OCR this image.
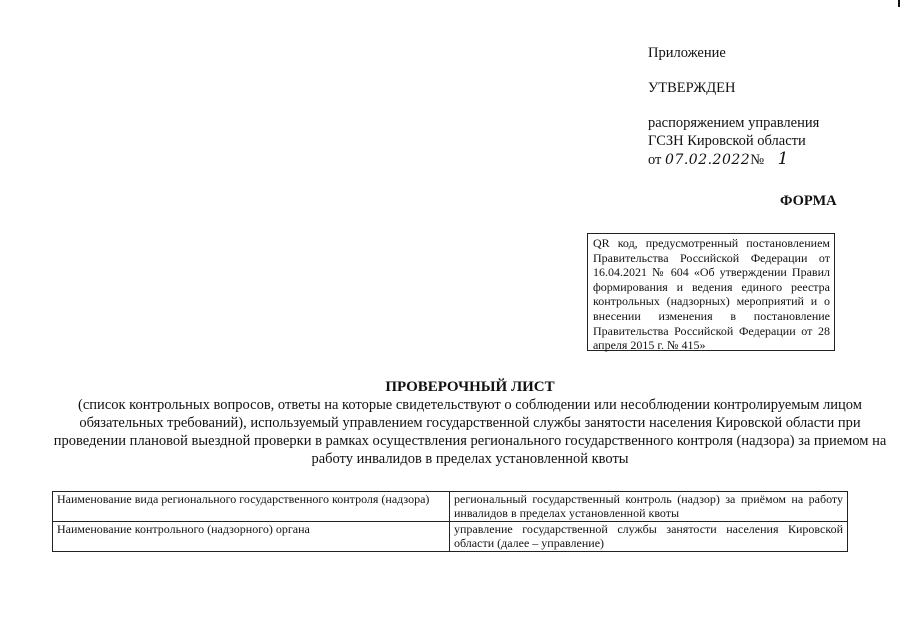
Приложение
УТВЕРЖДЕН
распоряжением управления
ГСЗН Кировской области
от 07.02.2022№ 1
ФОРМА
QR код, предусмотренный постановлением Правительства Российской Федерации от 16.04.2021 № 604 «Об утверждении Правил формирования и ведения единого реестра контрольных (надзорных) мероприятий и о внесении изменения в постановление Правительства Российской Федерации от 28 апреля 2015 г. № 415»
ПРОВЕРОЧНЫЙ ЛИСТ
(список контрольных вопросов, ответы на которые свидетельствуют о соблюдении или несоблюдении контролируемым лицом обязательных требований), используемый управлением государственной службы занятости населения Кировской области при проведении плановой выездной проверки в рамках осуществления регионального государственного контроля (надзора) за приемом на работу инвалидов в пределах установленной квоты
Наименование вида регионального государственного контроля (надзора)	региональный государственный контроль (надзор) за приёмом на работу инвалидов в пределах установленной квоты
Наименование контрольного (надзорного) органа	управление государственной службы занятости населения Кировской области (далее – управление)
